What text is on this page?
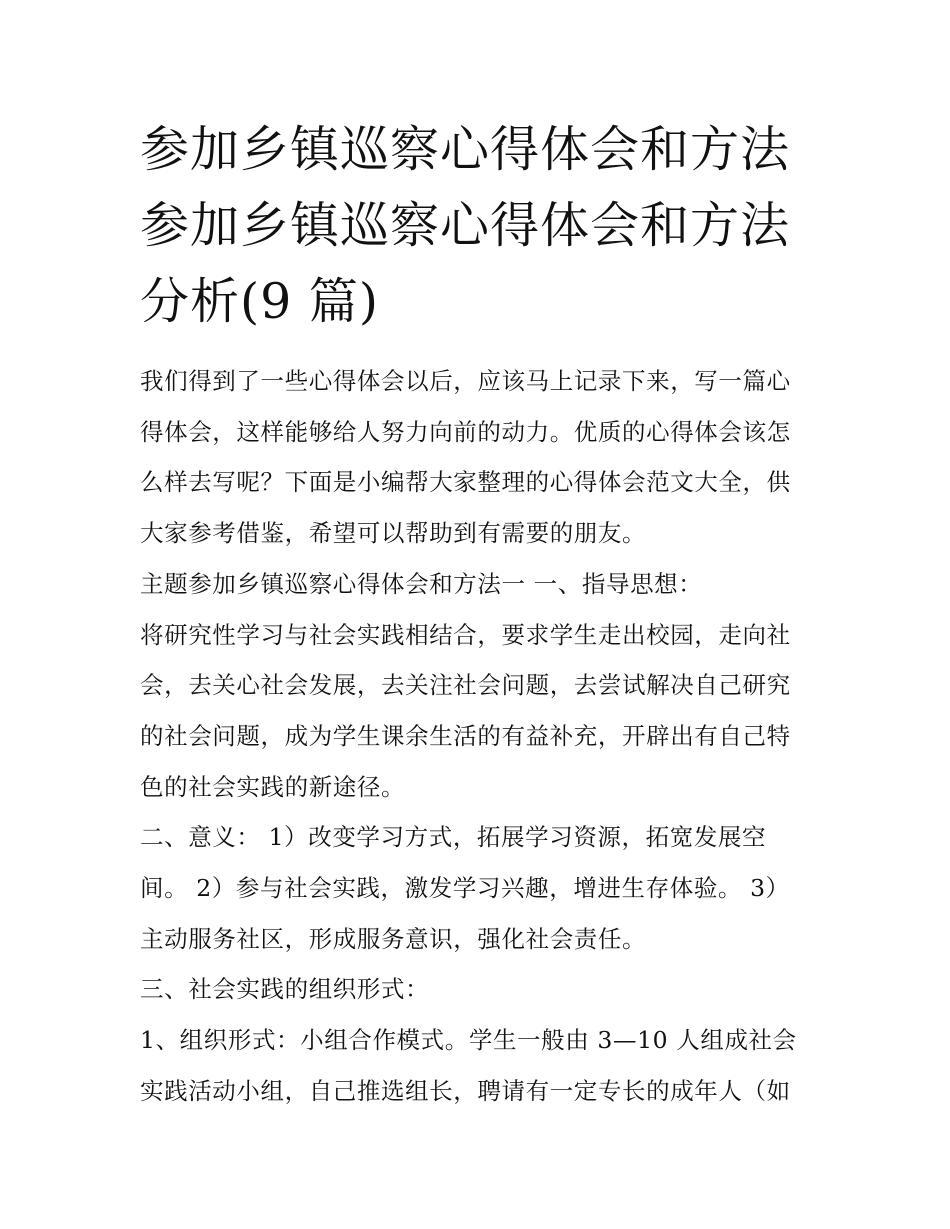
参加乡镇巡察心得体会和方法
参加乡镇巡察心得体会和方法
分析(9 篇)

我们得到了一些心得体会以后，应该马上记录下来，写一篇心
得体会，这样能够给人努力向前的动力。优质的心得体会该怎
么样去写呢？下面是小编帮大家整理的心得体会范文大全，供
大家参考借鉴，希望可以帮助到有需要的朋友。

主题参加乡镇巡察心得体会和方法一 一、指导思想：

将研究性学习与社会实践相结合，要求学生走出校园，走向社
会，去关心社会发展，去关注社会问题，去尝试解决自己研究
的社会问题，成为学生课余生活的有益补充，开辟出有自己特
色的社会实践的新途径。

二、意义： 1）改变学习方式，拓展学习资源，拓宽发展空
间。 2）参与社会实践，激发学习兴趣，增进生存体验。 3）
主动服务社区，形成服务意识，强化社会责任。

三、社会实践的组织形式：

1、组织形式：小组合作模式。学生一般由 3—10 人组成社会
实践活动小组，自己推选组长，聘请有一定专长的成年人（如
